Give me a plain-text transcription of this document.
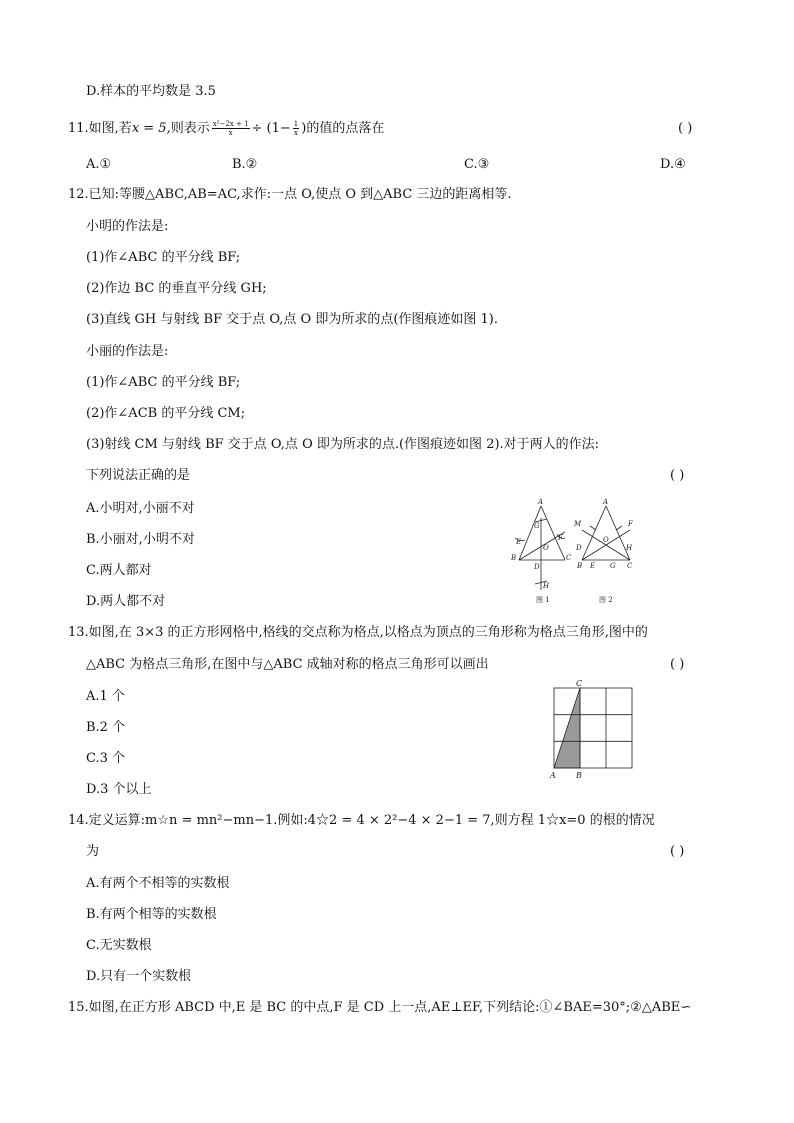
D.样本的平均数是 3.5
11.如图,若x = 5,则表示 $\frac{\text{x²−2x + 1}}{x} \div (1- \frac{1}{x}$ )的值的点落在	( )
A.①	B.②	C.③	D.④
12.已知:等腰△ABC,AB=AC,求作:一点 O,使点 O 到△ABC 三边的距离相等.
小明的作法是:
(1)作∠ABC 的平分线 BF;
(2)作边 BC 的垂直平分线 GH;
(3)直线 GH 与射线 BF 交于点 O,点 O 即为所求的点(作图痕迹如图 1).
小丽的作法是:
(1)作∠ABC 的平分线 BF;
(2)作∠ACB 的平分线 CM;
(3)射线 CM 与射线 BF 交于点 O,点 O 即为所求的点.(作图痕迹如图 2).对于两人的作法:
下列说法正确的是	( )
A.小明对,小丽不对
B.小丽对,小明不对
C.两人都对
D.两人都不对
A
G
E
O
F
B
D
C
H
图 1
A
F
M
O
D	H
B E G C
图 2
13.如图,在 3×3 的正方形网格中,格线的交点称为格点,以格点为顶点的三角形称为格点三角形,图中的
△ABC 为格点三角形,在图中与△ABC 成轴对称的格点三角形可以画出	( )
A.1 个
B.2 个
C.3 个
D.3 个以上
C
A	B
14.定义运算:m☆n = mn²−mn−1.例如:4☆2 = 4 × 2²−4 × 2−1 = 7,则方程 1☆x=0 的根的情况
为	( )
A.有两个不相等的实数根
B.有两个相等的实数根
C.无实数根
D.只有一个实数根
15.如图,在正方形 ABCD 中,E 是 BC 的中点,F 是 CD 上一点,AE⊥EF,下列结论:①∠BAE=30°;②△ABE∽
